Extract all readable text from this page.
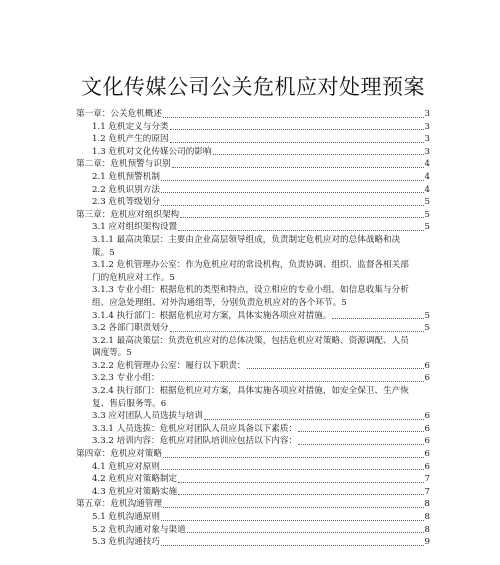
文化传媒公司公关危机应对处理预案
第一章：公关危机概述	3
1.1 危机定义与分类	3
1.2 危机产生的原因	3
1.3 危机对文化传媒公司的影响	3
第二章：危机预警与识别	4
2.1 危机预警机制	4
2.2 危机识别方法	4
2.3 危机等级划分	5
第三章：危机应对组织架构	5
3.1 应对组织架构设置	5
3.1.1 最高决策层：主要由企业高层领导组成，负责制定危机应对的总体战略和决
策。 5
3.1.2 危机管理办公室：作为危机应对的常设机构，负责协调、组织、监督各相关部
门的危机应对工作。 5
3.1.3 专业小组：根据危机的类型和特点，设立相应的专业小组，如信息收集与分析
组、应急处理组、对外沟通组等，分别负责危机应对的各个环节。 5
3.1.4 执行部门：根据危机应对方案，具体实施各项应对措施。	5
3.2 各部门职责划分	5
3.2.1 最高决策层：负责危机应对的总体决策，包括危机应对策略、资源调配、人员
调度等。 5
3.2.2 危机管理办公室：履行以下职责：	6
3.2.3 专业小组：	6
3.2.4 执行部门：根据危机应对方案，具体实施各项应对措施，如安全保卫、生产恢
复、售后服务等。 6
3.3 应对团队人员选拔与培训	6
3.3.1 人员选拔：危机应对团队人员应具备以下素质：	6
3.3.2 培训内容：危机应对团队培训应包括以下内容：	6
第四章：危机应对策略	6
4.1 危机应对原则	6
4.2 危机应对策略制定	7
4.3 危机应对策略实施	7
第五章：危机沟通管理	8
5.1 危机沟通原则	8
5.2 危机沟通对象与渠道	8
5.3 危机沟通技巧	9
